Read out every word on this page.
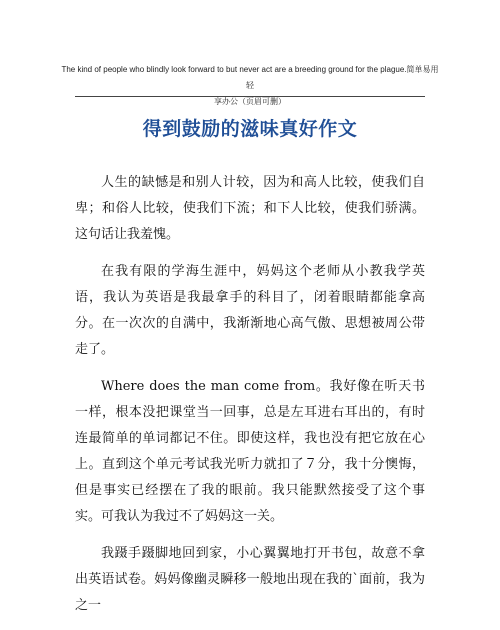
The kind of people who blindly look forward to but never act are a breeding ground for the plague.简单易用　轻
享办公（页眉可删）
得到鼓励的滋味真好作文

人生的缺憾是和别人计较，因为和高人比较，使我们自卑；和俗人比较，使我们下流；和下人比较，使我们骄满。这句话让我羞愧。

在我有限的学海生涯中，妈妈这个老师从小教我学英语，我认为英语是我最拿手的科目了，闭着眼睛都能拿高分。在一次次的自满中，我渐渐地心高气傲、思想被周公带走了。

Where does the man come from。我好像在听天书一样，根本没把课堂当一回事，总是左耳进右耳出的，有时连最简单的单词都记不住。即使这样，我也没有把它放在心上。直到这个单元考试我光听力就扣了７分，我十分懊悔，但是事实已经摆在了我的眼前。我只能默然接受了这个事实。可我认为我过不了妈妈这一关。

我蹑手蹑脚地回到家，小心翼翼地打开书包，故意不拿出英语试卷。妈妈像幽灵瞬移一般地出现在我的`面前，我为之一
